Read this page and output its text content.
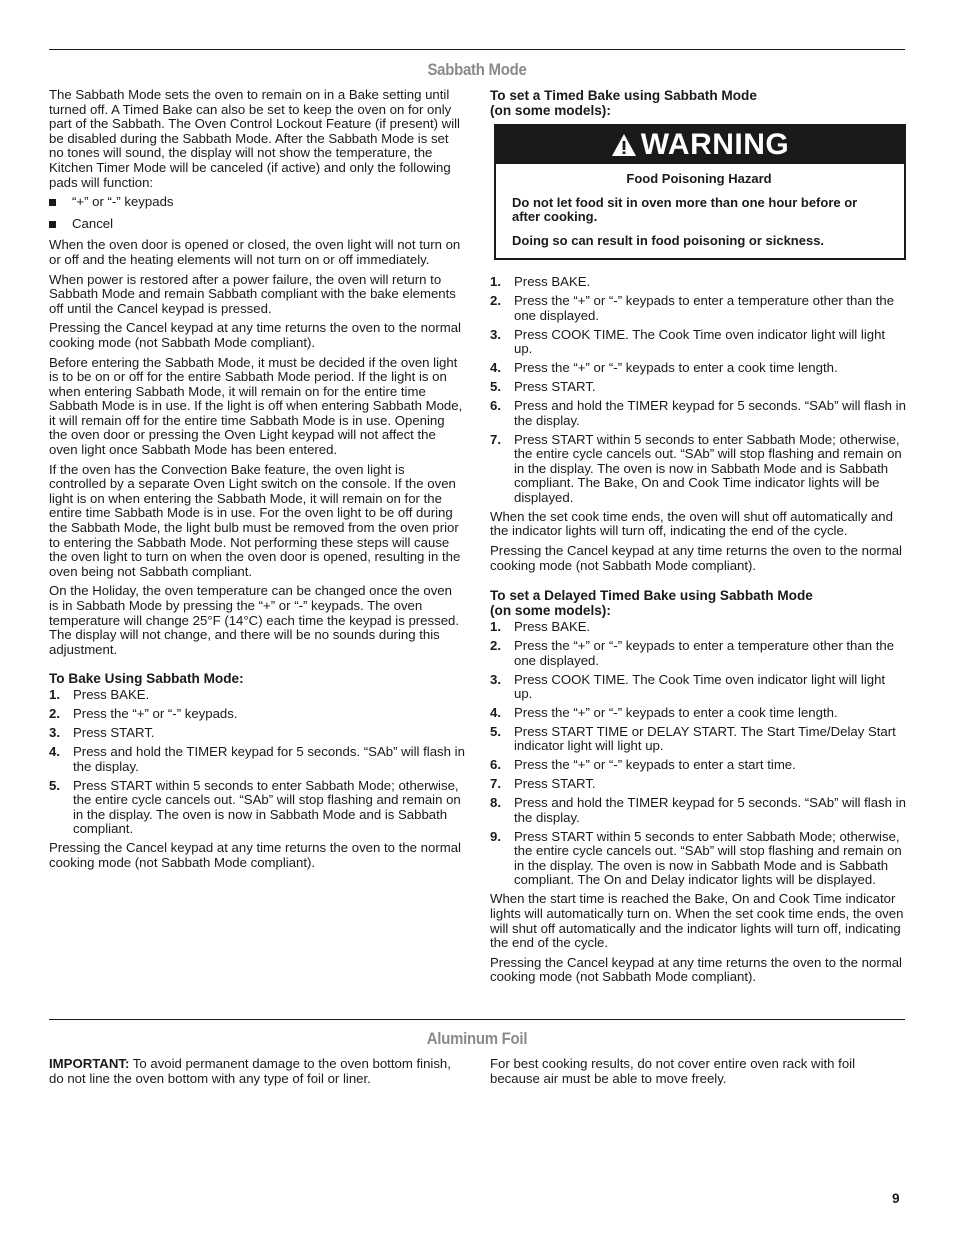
Sabbath Mode

The Sabbath Mode sets the oven to remain on in a Bake setting until turned off. A Timed Bake can also be set to keep the oven on for only part of the Sabbath. The Oven Control Lockout Feature (if present) will be disabled during the Sabbath Mode. After the Sabbath Mode is set no tones will sound, the display will not show the temperature, the Kitchen Timer Mode will be canceled (if active) and only the following pads will function:

“+” or “-” keypads
Cancel

When the oven door is opened or closed, the oven light will not turn on or off and the heating elements will not turn on or off immediately.

When power is restored after a power failure, the oven will return to Sabbath Mode and remain Sabbath compliant with the bake elements off until the Cancel keypad is pressed.

Pressing the Cancel keypad at any time returns the oven to the normal cooking mode (not Sabbath Mode compliant).

Before entering the Sabbath Mode, it must be decided if the oven light is to be on or off for the entire Sabbath Mode period. If the light is on when entering Sabbath Mode, it will remain on for the entire time Sabbath Mode is in use. If the light is off when entering Sabbath Mode, it will remain off for the entire time Sabbath Mode is in use. Opening the oven door or pressing the Oven Light keypad will not affect the oven light once Sabbath Mode has been entered.

If the oven has the Convection Bake feature, the oven light is controlled by a separate Oven Light switch on the console. If the oven light is on when entering the Sabbath Mode, it will remain on for the entire time Sabbath Mode is in use. For the oven light to be off during the Sabbath Mode, the light bulb must be removed from the oven prior to entering the Sabbath Mode. Not performing these steps will cause the oven light to turn on when the oven door is opened, resulting in the oven being not Sabbath compliant.

On the Holiday, the oven temperature can be changed once the oven is in Sabbath Mode by pressing the “+” or “-” keypads. The oven temperature will change 25°F (14°C) each time the keypad is pressed. The display will not change, and there will be no sounds during this adjustment.

To Bake Using Sabbath Mode:
1. Press BAKE.
2. Press the “+” or “-” keypads.
3. Press START.
4. Press and hold the TIMER keypad for 5 seconds. “SAb” will flash in the display.
5. Press START within 5 seconds to enter Sabbath Mode; otherwise, the entire cycle cancels out. “SAb” will stop flashing and remain on in the display. The oven is now in Sabbath Mode and is Sabbath compliant.

Pressing the Cancel keypad at any time returns the oven to the normal cooking mode (not Sabbath Mode compliant).

To set a Timed Bake using Sabbath Mode
(on some models):
WARNING
Food Poisoning Hazard

Do not let food sit in oven more than one hour before or after cooking.

Doing so can result in food poisoning or sickness.

1. Press BAKE.
2. Press the “+” or “-” keypads to enter a temperature other than the one displayed.
3. Press COOK TIME. The Cook Time oven indicator light will light up.
4. Press the “+” or “-” keypads to enter a cook time length.
5. Press START.
6. Press and hold the TIMER keypad for 5 seconds. “SAb” will flash in the display.
7. Press START within 5 seconds to enter Sabbath Mode; otherwise, the entire cycle cancels out. “SAb” will stop flashing and remain on in the display. The oven is now in Sabbath Mode and is Sabbath compliant. The Bake, On and Cook Time indicator lights will be displayed.

When the set cook time ends, the oven will shut off automatically and the indicator lights will turn off, indicating the end of the cycle.

Pressing the Cancel keypad at any time returns the oven to the normal cooking mode (not Sabbath Mode compliant).

To set a Delayed Timed Bake using Sabbath Mode
(on some models):
1. Press BAKE.
2. Press the “+” or “-” keypads to enter a temperature other than the one displayed.
3. Press COOK TIME. The Cook Time oven indicator light will light up.
4. Press the “+” or “-” keypads to enter a cook time length.
5. Press START TIME or DELAY START. The Start Time/Delay Start indicator light will light up.
6. Press the “+” or “-” keypads to enter a start time.
7. Press START.
8. Press and hold the TIMER keypad for 5 seconds. “SAb” will flash in the display.
9. Press START within 5 seconds to enter Sabbath Mode; otherwise, the entire cycle cancels out. “SAb” will stop flashing and remain on in the display. The oven is now in Sabbath Mode and is Sabbath compliant. The On and Delay indicator lights will be displayed.

When the start time is reached the Bake, On and Cook Time indicator lights will automatically turn on. When the set cook time ends, the oven will shut off automatically and the indicator lights will turn off, indicating the end of the cycle.

Pressing the Cancel keypad at any time returns the oven to the normal cooking mode (not Sabbath Mode compliant).

Aluminum Foil
IMPORTANT: To avoid permanent damage to the oven bottom finish, do not line the oven bottom with any type of foil or liner.
For best cooking results, do not cover entire oven rack with foil because air must be able to move freely.
9
